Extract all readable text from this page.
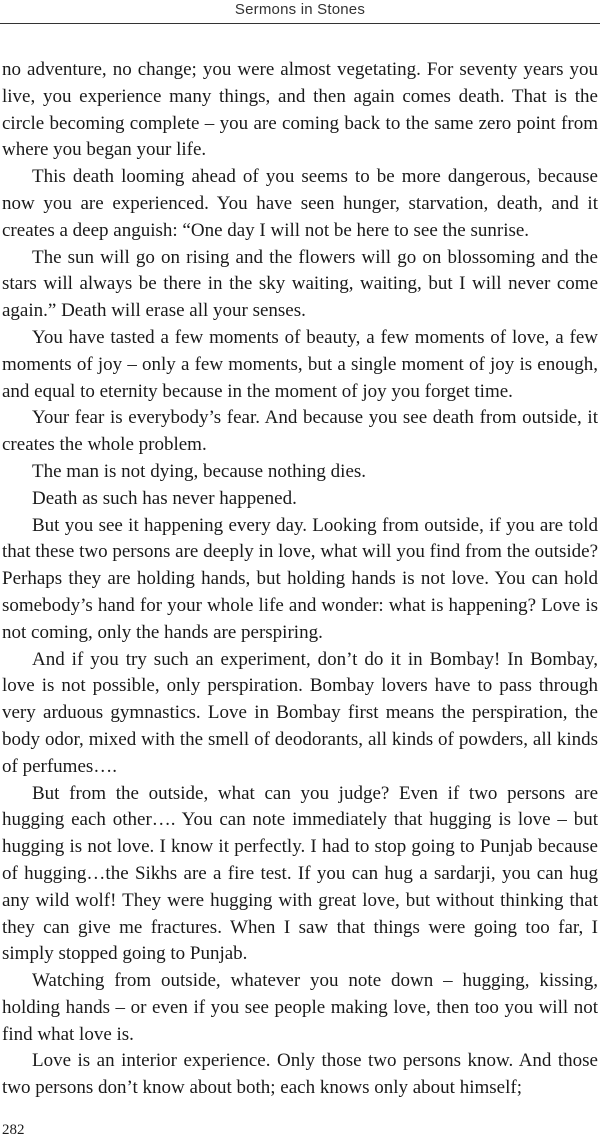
Sermons in Stones

no adventure, no change; you were almost vegetating. For seventy years you live, you experience many things, and then again comes death. That is the circle becoming complete – you are coming back to the same zero point from where you began your life.

This death looming ahead of you seems to be more dangerous, because now you are experienced. You have seen hunger, starvation, death, and it creates a deep anguish: “One day I will not be here to see the sunrise.

The sun will go on rising and the flowers will go on blossoming and the stars will always be there in the sky waiting, waiting, but I will never come again.” Death will erase all your senses.

You have tasted a few moments of beauty, a few moments of love, a few moments of joy – only a few moments, but a single moment of joy is enough, and equal to eternity because in the moment of joy you forget time.

Your fear is everybody’s fear. And because you see death from outside, it creates the whole problem.

The man is not dying, because nothing dies.

Death as such has never happened.

But you see it happening every day. Looking from outside, if you are told that these two persons are deeply in love, what will you find from the outside? Perhaps they are holding hands, but holding hands is not love. You can hold somebody’s hand for your whole life and wonder: what is happening? Love is not coming, only the hands are perspiring.

And if you try such an experiment, don’t do it in Bombay! In Bombay, love is not possible, only perspiration. Bombay lovers have to pass through very arduous gymnastics. Love in Bombay first means the perspiration, the body odor, mixed with the smell of deodorants, all kinds of powders, all kinds of perfumes….

But from the outside, what can you judge? Even if two persons are hugging each other…. You can note immediately that hugging is love – but hugging is not love. I know it perfectly. I had to stop going to Punjab because of hugging…the Sikhs are a fire test. If you can hug a sardarji, you can hug any wild wolf! They were hugging with great love, but without thinking that they can give me fractures. When I saw that things were going too far, I simply stopped going to Punjab.

Watching from outside, whatever you note down – hugging, kissing, holding hands – or even if you see people making love, then too you will not find what love is.

Love is an interior experience. Only those two persons know. And those two persons don’t know about both; each knows only about himself;

282
